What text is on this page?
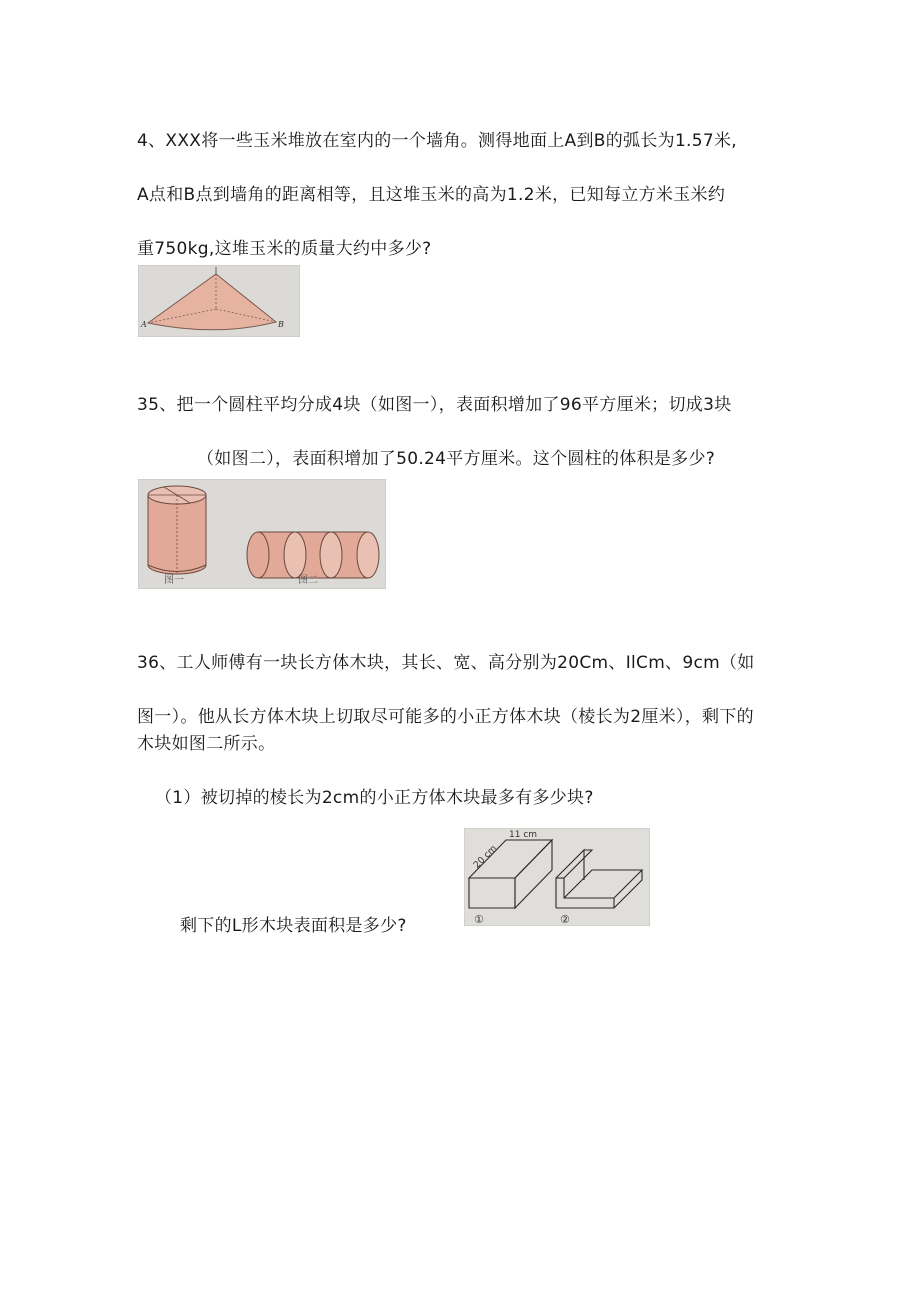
4、XXX将一些玉米堆放在室内的一个墙角。测得地面上A到B的弧长为1.57米,
A点和B点到墙角的距离相等，且这堆玉米的高为1.2米，已知每立方米玉米约
重750kg,这堆玉米的质量大约中多少?
A	B
35、把一个圆柱平均分成4块（如图一），表面积增加了96平方厘米；切成3块
（如图二），表面积增加了50.24平方厘米。这个圆柱的体积是多少?
图一	图二
36、工人师傅有一块长方体木块，其长、宽、高分别为20Cm、IlCm、9cm（如
图一）。他从长方体木块上切取尽可能多的小正方体木块（棱长为2厘米），剩下的
木块如图二所示。
（1）被切掉的棱长为2cm的小正方体木块最多有多少块?
剩下的L形木块表面积是多少?
11 cm
20 cm
①	②
